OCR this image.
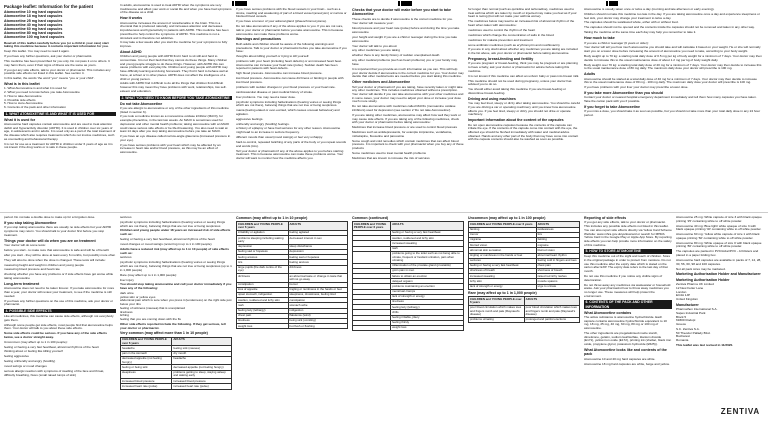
Package leaflet: Information for the patient

Atomoxetine 10 mg hard capsules

Atomoxetine 18 mg hard capsules

Atomoxetine 25 mg hard capsules

Atomoxetine 40 mg hard capsules

Atomoxetine 60 mg hard capsules

Atomoxetine 80 mg hard capsules

Atomoxetine 100 mg hard capsules

Read all of this leaflet carefully before you (or a child in your care) start taking this medicine because it contains important information for you.

Keep this leaflet. You may need to read it again.

If you have any further questions, ask your doctor or pharmacist.

This medicine has been prescribed for you only. Do not pass it on to others. It may harm them, even if their signs of illness are the same as yours.

If you get any side effects, talk to your doctor or pharmacist. This includes any possible side effects not listed in this leaflet. See section 4.

In this leaflet, the words 'the word "you" means "you or your child".

What is in this leaflet

1. What Atomoxetine is and what it is used for

2. What you need to know before you take Atomoxetine

3. How to take Atomoxetine

4. Possible side effects

5. How to store Atomoxetine

6. Contents of the pack and other information

1. WHAT ATOMOXETINE IS AND WHAT IT IS USED FOR

What it is used for

Atomoxetine hard capsules contain atomoxetine and are used to treat attention deficit and hyperactivity disorder (ADHD). It is used in children over six years of age, in adolescents and in adults. It is used only as a part of the total treatment of the disease which also requires treatments which do not involve medicines, such as counselling and behavioural therapy.

It is not for use as a treatment for ADHD in children under 6 years of age as it is not known if the drug works or is safe in these people.

In adults, atomoxetine is used to treat ADHD when the symptoms are very troublesome and affect your work or social life and when you have had symptoms of the disease as a child.

How it works

Atomoxetine increases the amount of noradrenaline in the brain. This is a chemical that is produced naturally, and increases attention and decreases impulsiveness and hyperactivity in patients with ADHD. This medicine has been prescribed to help control the symptoms of ADHD. This medicine is not a stimulant and is therefore not addictive.

It may take a few weeks after you start the medicine for your symptoms to fully improve.

About ADHD

Children and young people with ADHD find it hard to sit still and hard to concentrate. It is not their fault that they cannot do these things. Many children and young people struggle to do these things. However, with ADHD this can cause problems with everyday life. Children and young people with ADHD may have difficulty learning and doing homework. They find it hard to behave well at home, at school or in other places. ADHD does not affect the intelligence of a child or young person.

Adults with ADHD find it difficult to do all the things that children find difficult however this may mean they have problems with work, relationships, low self-esteem and education.

2. WHAT YOU NEED TO KNOW BEFORE YOU TAKE ATOMOXETINE

Do not take Atomoxetine

if you are allergic to atomoxetine or any of the other ingredients of this medicine (listed in section 6).

if you took a medicine known as a monoamine oxidase inhibitor (MAOI), for example phenelzine, in the last two weeks. An MAOI is sometimes used for depression and other mental health problems; taking atomoxetine with an MAOI could cause serious side effects or be life-threatening. You also need to wait at least 14 days after you stop taking atomoxetine before you take an MAOI.

if you have an eye disease called narrow-angle glaucoma (increased pressure in your eye).

if you have serious problems with your heart which may be affected by an increase in heart rate and/or blood pressure, as this may be an effect of atomoxetine.

if you have serious problems with the blood vessels in your brain - such as a stroke, swelling and weakening of part of a blood vessel (aneurysm) or narrow or blocked blood vessels.

if you have a tumour of your adrenal gland (phaeochromocytoma).

Do not take atomoxetine if any of the above applies to you. If you are not sure, talk to your doctor or pharmacist before you take atomoxetine. This is because atomoxetine can make these problems worse.

Warnings and precautions

Both adults and children should be aware of the following warnings and precautions. Talk to your doctor or pharmacist before you take atomoxetine if you have:

thoughts about killing yourself or trying to kill yourself.

problems with your heart (including heart defects) or an increased heart beat. Atomoxetine can increase your heart rate (pulse). Sudden death has been reported in patients with heart defects.

high blood pressure. Atomoxetine can increase blood pressure.

low blood pressure. Atomoxetine can cause dizziness or fainting in people with low blood pressure.

problems with sudden changes in your blood pressure or your heart rate.

cardiovascular disease or past medical history of stroke.

liver problems. You may need a lower dose.

psychotic symptoms including hallucinations (hearing voices or seeing things which are not there), believing things that are not true or being suspicious.

mania (feeling elated or over-excited, which causes unusual behaviour) and agitation.

aggressive feelings.

unfriendly and angry (hostility) feelings.

a history of epilepsy or have had seizures for any other reason. Atomoxetine might lead to an increase in seizure frequency.

different moods than usual (mood swings) or feel very unhappy.

hard-to-control, repeated twitching of any parts of the body or you repeat sounds and words (tics).

Tell your doctor or pharmacist if any of the above applies to you before starting treatment. This is because atomoxetine can make these problems worse. Your doctor will want to monitor how the medicine affects you.

Checks that your doctor will make before you start to take Atomoxetine

These checks are to decide if atomoxetine is the correct medicine for you.

Your doctor will measure your:

blood pressure and your heart rate (pulse) before and during the time you take atomoxetine

your height and weight if you are a child or teenager during the time you take atomoxetine

Your doctor will talk to you about:

any other medicines you are taking

whether there is any family history of sudden unexplained death

any other medical problems (such as heart problems) you or your family may have

It is important that you provide as much information as you can. This will help your doctor decide if atomoxetine is the correct medicine for you. Your doctor may decide that other medical tests are needed before you start taking this medicine.

Other medicines and Atomoxetine

Tell your doctor or pharmacist if you are taking, have recently taken or might take any other medicines. This includes medicines obtained without a prescription. Your doctor will decide if you can take atomoxetine with your other medicines and in some cases, your doctor may need to adjust your dose or increase your dose much more slowly.

Do not take atomoxetine with medicines called MAOIs (monoamine oxidase inhibitors) used for depression (see section 2 'Do not take Atomoxetine').

If you are taking other medicines, atomoxetine may affect how well they work or may cause side effects. If you are taking any of the following medicines, check with your doctor or pharmacist before taking atomoxetine:

Medicines that increase blood pressure or are used to control blood pressure

Medicines such as antidepressants, for example imipramine, venlafaxine, mirtazapine, fluoxetine and paroxetine

Some cough and cold remedies which contain medicines that can affect blood pressure. It is important to check with your pharmacist when you buy any of these products

Some medicines used to treat mental health problems

Medicines that are known to increase the risk of seizures

for longer than normal (such as quinidine and terfenadine), medicines used to treat asthma which are taken by mouth or injected may make you feel as if your heart is racing (but will not make your asthma worse).

The medicines below may lead to an increased risk of abnormal rhythm of the heart when taken with atomoxetine:

medicines used to control the rhythm of the heart

medicines which change the concentration of salts in the blood

medicines for malaria prevention and treatment

some antibiotic medicines (such as erythromycin and moxifloxacin)

If you are in any doubt about whether any medicines you are taking are included in the list above, ask your doctor or pharmacist before taking atomoxetine.

Pregnancy, breast-feeding and fertility

If you are pregnant or breast-feeding, think you may be pregnant or are planning to have a baby, ask your doctor or pharmacist for advice before taking this medicine.

It is not known if this medicine can affect an unborn baby or pass into breast milk.

This medicine should not be used during pregnancy, unless your doctor has advised you to do so.

You should either avoid taking this medicine if you are breast-feeding or discontinue breast-feeding.

Driving and using machines

You may feel tired, sleepy or dizzy after taking atomoxetine. You should be careful if you are driving a car or operating machinery until you know how atomoxetine affects you. If you feel tired, sleepy or dizzy you should not drive or operate machinery.

Important information about the content of the capsules

Do not open atomoxetine capsules because the contents of the capsule can irritate the eye. If the contents of the capsule come into contact with the eye, the affected eye should be flushed immediately with water and medical advice obtained. Hands and any other part of the body that may have come into contact with the capsule contents should also be washed as soon as possible.

Atomoxetine is usually taken once or twice a day (morning and late afternoon or early evening).

Children should not take this medicine too late in the day. If you are taking atomoxetine once a day and experience sleepiness or feel sick, your doctor may change your treatment to twice a day.

The capsules should be swallowed whole, either with or without food.

The capsules should not be opened and the contents inside the capsules should not be removed and taken in any other way.

Taking the medicine at the same time each day may help you remember to take it.

How much to take

If you are a child or teenager (6 years or older):

Your doctor will tell you how much atomoxetine you should take and will calculate it based on your weight. He or she will normally start you on a lower dose before increasing the amount of atomoxetine you need to take, according to your body weight.

Body weight up to 70 kg: a starting total daily dose of 0.5 mg per kg of body weight for a minimum of 7 days. Your doctor may then decide to increase this to the usual maintenance dose of about 1.2 mg per kg of body weight daily.

Body weight over 70 kg: a starting total daily dose of 40 mg for a minimum of 7 days. Your doctor may then decide to increase this to the usual maintenance dose of 80 mg daily. The maximum daily dose your doctor will prescribe is 100 mg.

Adults

Atomoxetine should be started at a total daily dose of 40 mg for a minimum of 7 days. Your doctor may then decide to increase this to the usual maintenance dose of 80 mg - 100 mg daily. The maximum daily dose your doctor will prescribe is 100 mg.

If you have problems with your liver your doctor may prescribe a lower dose.

If you take more Atomoxetine than you should

Contact your doctor or nearest hospital emergency department immediately and tell them how many capsules you have taken. Take the carton pack with you if possible.

If you forget to take Atomoxetine

If you miss a dose, you should take it as soon as possible, but you should not take more than your total daily dose in any 24 hour period.

period. Do not take a double dose to make up for a forgotten dose.

If you stop taking Atomoxetine

If you stop taking atomoxetine there are usually no side effects but your ADHD symptoms may return. You should talk to your doctor first before you stop treatment.

Things your doctor will do when you are on treatment

Your doctor will do some tests:

before you start - to make sure that atomoxetine is safe and will be of benefit

after you start - they will be done at least every 6 months, but possibly more often

They will also be done when the dose is changed. These tests will include:

measuring height and weight in children and young people

measuring blood pressure and heart rate

checking whether you have any problems or if side effects have got worse while taking atomoxetine

Long-term treatment

Atomoxetine does not need to be taken forever. If you take atomoxetine for more than a year, your doctor will review your treatment, to see if the medicine is still needed.

If you have any further questions on the use of this medicine, ask your doctor or pharmacist.

4. POSSIBLE SIDE EFFECTS

Like all medicines, this medicine can cause side effects, although not everybody gets them.

Although some people get side effects, most people find that atomoxetine helps them. Your doctor will talk to you about these side effects.

Some side effects could be serious. If you have any of the side effects below, see a doctor straight away.

Uncommon (may affect up to 1 in 100 people):

feeling or having a very fast heartbeat, abnormal rhythms of the heart

thinking about or feeling like killing yourself

feeling aggressive

feeling unfriendly and angry (hostility)

mood swings or mood changes

serious allergic reaction with symptoms of swelling of the face and throat, difficulty breathing, hives (small raised lumps of skin)

seizures

psychotic symptoms including hallucinations (hearing voices or seeing things which are not there), believing things that are not true or being suspicious

Children and young people under 18 years an increased risk of side effects such as:

feeling or having a very fast heartbeat, abnormal rhythms of the heart

mood changes or mood swings (occurring in up to 1 in 100 people)

Adults have a reduced risk (may affect up to 1 in 10 people) of side effects such as:

seizures

psychotic symptoms including hallucinations (hearing voices or seeing things which are not there), believing things that are not true or being suspicious (up to 1 in 1,000 people)

Rare (may affect up to 1 in 1,000 people):

liver injury

You should stop taking atomoxetine and call your doctor immediately if you have any of the following:

dark urine

yellow skin or yellow eyes

abdominal pain which is sore when you press it (tenderness) on the right side just below your ribs

feeling of sickness (nausea) that is unexplained

tiredness

itching

feeling that you are coming down with the flu

Other side effects reported include the following. If they get serious, tell your doctor or pharmacist.

Very common (may affect more than 1 in 10 people)

CHILDREN and YOUNG PEOPLE over 6 years	ADULTS
headache	feeling sick (nausea)
pain in the stomach	dry mouth
decreased appetite (not feeling hungry)	headache
feeling or being sick	decreased appetite (not feeling hungry)
sleepiness	problems getting to sleep, staying asleep and waking early
increased blood pressure	increased blood pressure
increased heart rate (pulse)	increased heart rate (pulse)

Common (may affect up to 1 in 10 people)

CHILDREN and YOUNG PEOPLE over 6 years	ADULTS
irritability or agitation	feeling agitated
problems sleeping including waking early	decreased interest in sex
depression	sleep disturbance
feeling sad or hopeless	depression
feeling anxious	feeling sad or hopeless
tics	feeling anxious
large pupils (the dark centre of the eye)	dizziness
dizziness	an abnormal taste or change in taste that will not go away
constipation	tremor
loss of appetite	tingling or numbness in the hands or feet
upset stomach, indigestion	sleepiness, drowsiness, feeling tired
swollen, reddened and itchy skin	constipation
rash	stomach ache
feeling lazy (lethargy)	indigestion
chest pain	flatulence (wind)
tiredness	being sick (vomiting)
weight loss	hot flush or flushing

Common (continued)

CHILDREN and YOUNG PEOPLE over 6 years	ADULTS
	feeling or having a very fast heartbeat
	swollen, reddened and itchy skin
	increased sweating
	rash
	problems going to the toilet such as not being able to urinate, frequent or hesitant urination, pain when urinating
	inflammation of the prostate gland (prostatitis)
	groin pain in men
	failure to obtain an erection
	delayed orgasm
	problems maintaining an erection
	menstrual cramps
	lack of strength or energy
	tiredness
	feeling lazy (lethargy)
	chills
	feeling irritable, jittery
	feeling thirsty
	weight loss

Uncommon (may affect up to 1 in 100 people)

CHILDREN and YOUNG PEOPLE over 6 years	ADULTS
fainting	restlessness
tremor	tics
migraine	fainting
blurred vision	migraine
abnormal skin sensation	blurred vision
tingling or numbness in the hands or feet	abnormal heart rhythm
seizures	feeling cold in fingers and toes
feeling or having a very fast heartbeat	chest pain
shortness of breath	shortness of breath
increased sweating	raised red itchy rashes
itchy skin	muscle spasms
lack of strength or energy	urge to urinate

Rare (may affect up to 1 in 1,000 people)

CHILDREN and YOUNG PEOPLE over 6 years	ADULTS
poor blood circulation which makes toes and fingers numb and pale (Raynaud's disease)	poor blood circulation which makes toes and fingers numb and pale (Raynaud's disease)
problems urinating	prolonged and painful erections

Reporting of side effects

If you get any side effects, talk to your doctor or pharmacist. This includes any possible side effects not listed in this leaflet. You can also report side effects directly via Yellow Card Scheme Website: www.mhra.gov.uk/yellowcard or search for MHRA Yellow Card in the Google Play or Apple App Store. By reporting side effects you can help provide more information on the safety of this medicine.

5. HOW TO STORE ATOMOXETINE

Keep this medicine out of the sight and reach of children. Store in the original package in order to protect from moisture. Do not use this medicine after the expiry date which is stated on the carton after EXP. The expiry date refers to the last day of that month.

Do not use this medicine if you notice any visible signs of deterioration.

Do not throw away any medicines via wastewater or household waste. Ask your pharmacist how to throw away medicines you no longer use. These measures will help protect the environment.

6. CONTENTS OF THE PACK AND OTHER INFORMATION

What Atomoxetine contains

The active substance is atomoxetine hydrochloride. Each capsule contains atomoxetine hydrochloride equivalent to 10 mg, 18 mg, 25 mg, 40 mg, 60 mg, 80 mg or 100 mg of atomoxetine.

The other ingredients are pregelatinised maize starch, dimeticone, gelatin, sodium laurilsulfate, titanium dioxide (E171), yellow iron oxide (E172), printing ink (shellac, black iron oxide, propylene glycol, potassium hydroxide (E525)).

What Atomoxetine looks like and contents of the pack

Atomoxetine 10 and 40 mg hard capsules are white.

Atomoxetine 18 mg hard capsules are white, beige and yellow.

Atomoxetine 25 mg: White capsule of size 3 with black opaque printing '25' containing white to off white powder.

Atomoxetine 40 mg: Blue light/ white opaque of size 3 with black opaque printing '40' containing white to off white powder.

Atomoxetine 60 mg: Yellow white capsule of size 1 with black opaque printing '60' containing white to off white powder.

Atomoxetine 80 mg: White opaque of size 0 with black opaque printing '80' containing white to off white powder.

The capsules are packed in PVC/Aclar/PVC - Al blisters and placed in a paper folding box.

Atomoxetine hard capsules are available in packs of 7, 14, 28, 30, 56, 60, 98 and 100 capsules.

Not all pack sizes may be marketed.

Marketing Authorisation Holder and Manufacturer

Marketing Authorisation Holder

Zentiva Pharma UK Limited

12 New Fetter Lane

London

EC4A 1JP

United Kingdom

Manufacturer

Pharmathen International S.A.

Sapes Industrial Park

Block 5

69300 Rodopi

Greece

S.C. Zentiva S.A.

50 Theodor Pallady Blvd.

Bucharest

Romania

This leaflet was last revised in 11/2020.

ZENTIVA
